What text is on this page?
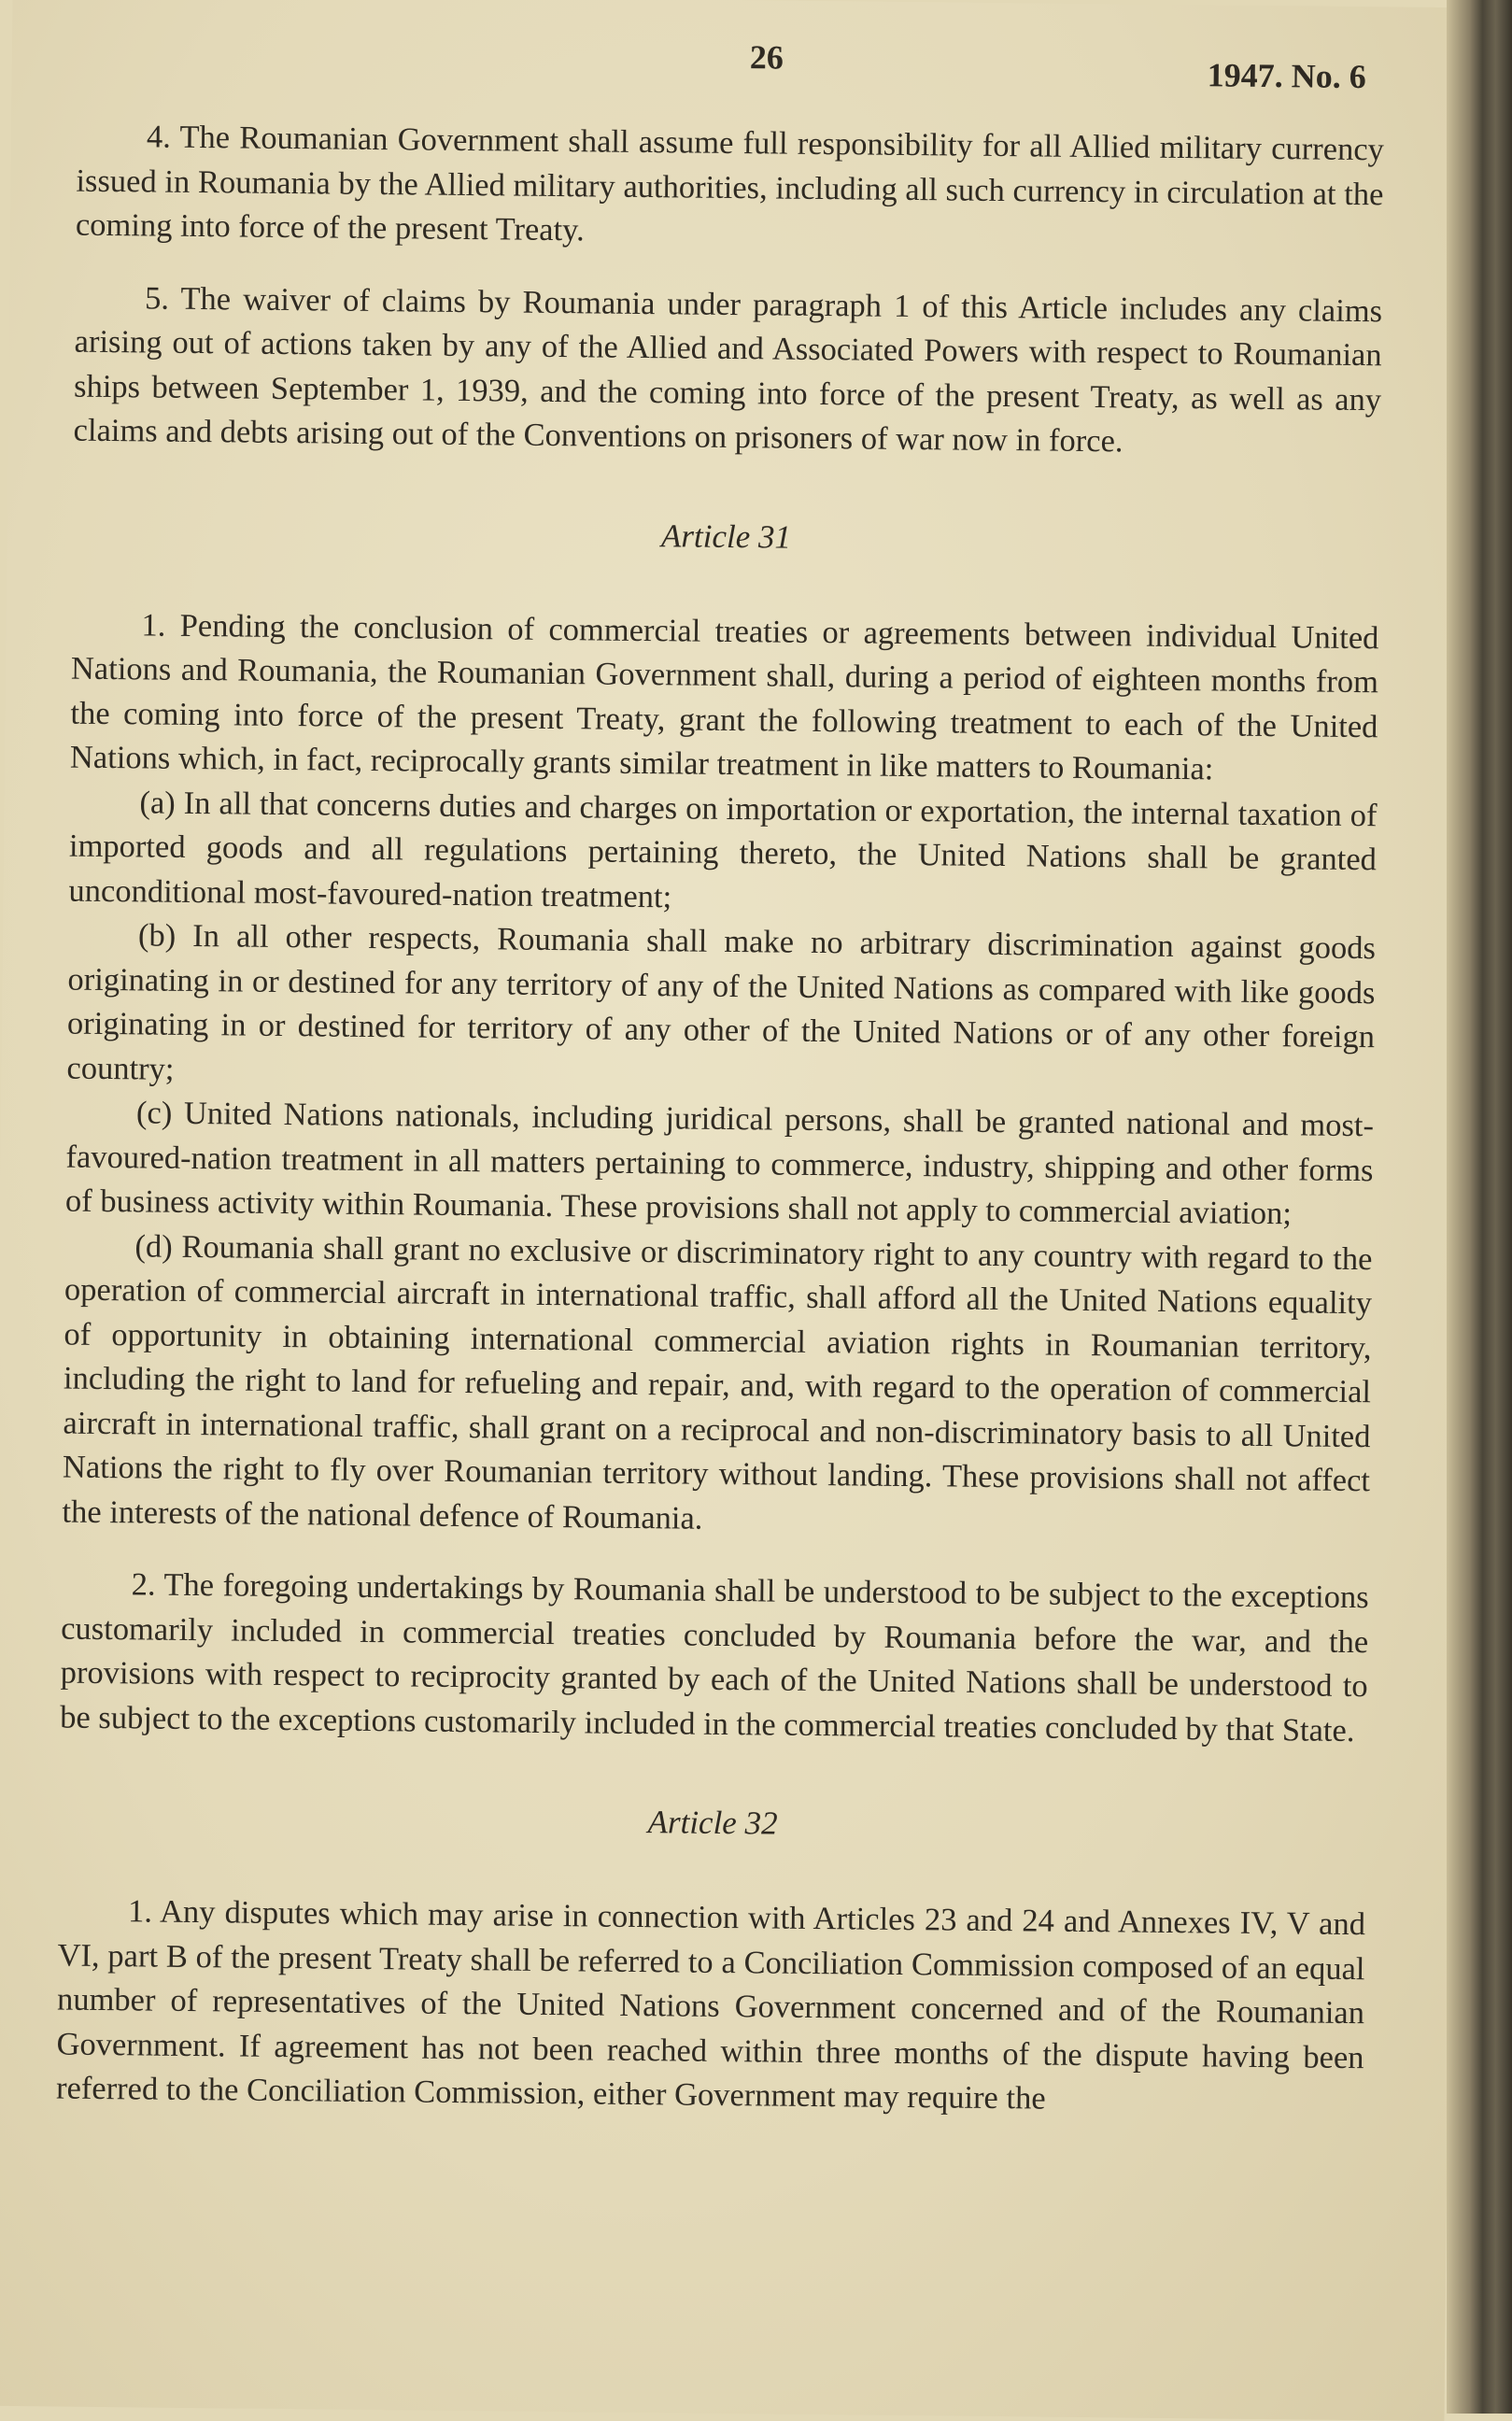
26	1947. No. 6

4. The Roumanian Government shall assume full responsibility for all Allied military currency issued in Roumania by the Allied military authorities, including all such currency in circulation at the coming into force of the present Treaty.

5. The waiver of claims by Roumania under paragraph 1 of this Article includes any claims arising out of actions taken by any of the Allied and Associated Powers with respect to Roumanian ships between September 1, 1939, and the coming into force of the present Treaty, as well as any claims and debts arising out of the Conventions on prisoners of war now in force.

Article 31

1. Pending the conclusion of commercial treaties or agreements between individual United Nations and Roumania, the Roumanian Government shall, during a period of eighteen months from the coming into force of the present Treaty, grant the following treatment to each of the United Nations which, in fact, reciprocally grants similar treatment in like matters to Roumania:

(a) In all that concerns duties and charges on importation or exportation, the internal taxation of imported goods and all regulations pertaining thereto, the United Nations shall be granted unconditional most-favoured-nation treatment;

(b) In all other respects, Roumania shall make no arbitrary discrimination against goods originating in or destined for any territory of any of the United Nations as compared with like goods originating in or destined for territory of any other of the United Nations or of any other foreign country;

(c) United Nations nationals, including juridical persons, shall be granted national and most-favoured-nation treatment in all matters pertaining to commerce, industry, shipping and other forms of business activity within Roumania. These provisions shall not apply to commercial aviation;

(d) Roumania shall grant no exclusive or discriminatory right to any country with regard to the operation of commercial aircraft in international traffic, shall afford all the United Nations equality of opportunity in obtaining international commercial aviation rights in Roumanian territory, including the right to land for refueling and repair, and, with regard to the operation of commercial aircraft in international traffic, shall grant on a reciprocal and non-discriminatory basis to all United Nations the right to fly over Roumanian territory without landing. These provisions shall not affect the interests of the national defence of Roumania.

2. The foregoing undertakings by Roumania shall be understood to be subject to the exceptions customarily included in commercial treaties concluded by Roumania before the war, and the provisions with respect to reciprocity granted by each of the United Nations shall be understood to be subject to the exceptions customarily included in the commercial treaties concluded by that State.

Article 32

1. Any disputes which may arise in connection with Articles 23 and 24 and Annexes IV, V and VI, part B of the present Treaty shall be referred to a Conciliation Commission composed of an equal number of representatives of the United Nations Government concerned and of the Roumanian Government. If agreement has not been reached within three months of the dispute having been referred to the Conciliation Commission, either Government may require the
